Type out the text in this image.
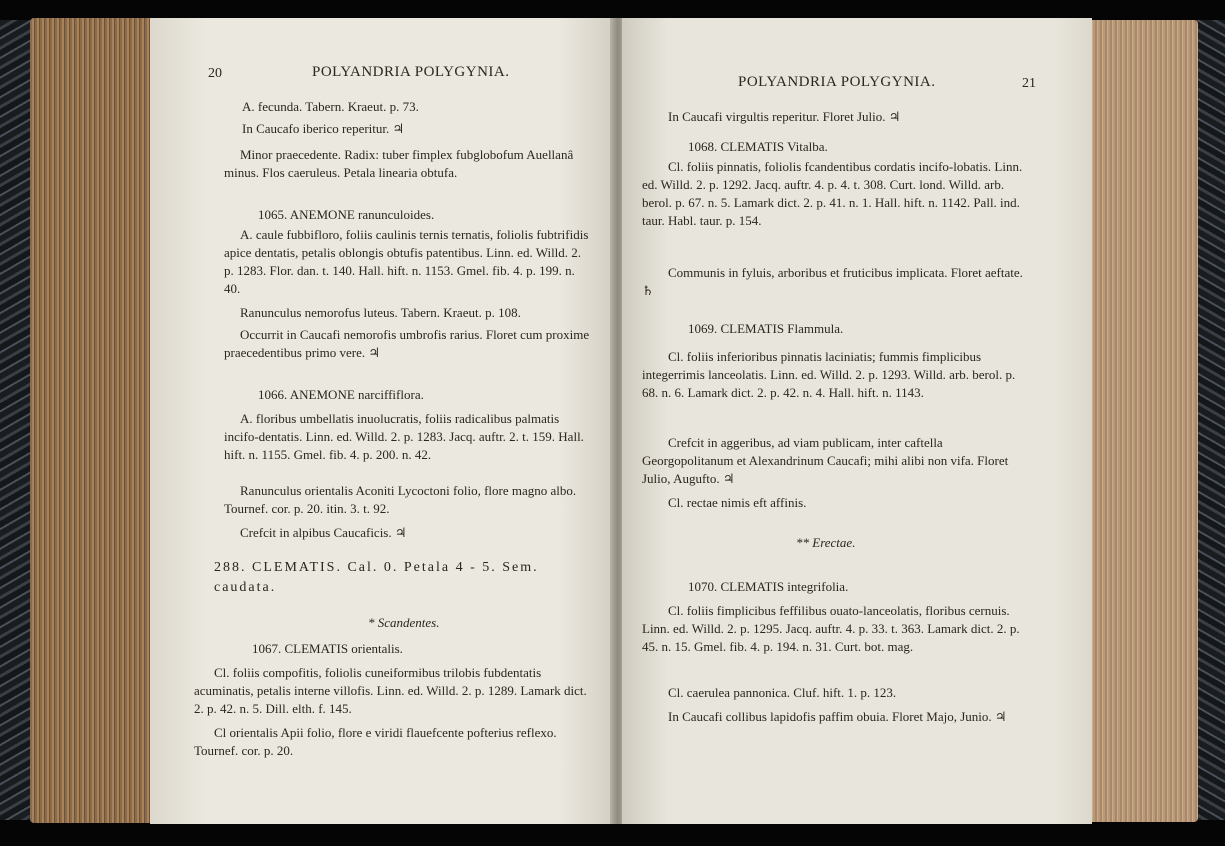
20	POLYANDRIA POLYGYNIA.
A. fecunda. Tabern. Kraeut. p. 73.
In Caucafo iberico reperitur. ♃
Minor praecedente. Radix: tuber fimplex fubglobofum Auellanâ minus. Flos caeruleus. Petala linearia obtufa.
1065. ANEMONE ranunculoides.
A. caule fubbifloro, foliis caulinis ternis ternatis, foliolis fubtrifidis apice dentatis, petalis oblongis obtufis patentibus. Linn. ed. Willd. 2. p. 1283. Flor. dan. t. 140. Hall. hift. n. 1153. Gmel. fib. 4. p. 199. n. 40.
Ranunculus nemorofus luteus. Tabern. Kraeut. p. 108.
Occurrit in Caucafi nemorofis umbrofis rarius. Floret cum proxime praecedentibus primo vere. ♃
1066. ANEMONE narciffiflora.
A. floribus umbellatis inuolucratis, foliis radicalibus palmatis incifo-dentatis. Linn. ed. Willd. 2. p. 1283. Jacq. auftr. 2. t. 159. Hall. hift. n. 1155. Gmel. fib. 4. p. 200. n. 42.
Ranunculus orientalis Aconiti Lycoctoni folio, flore magno albo. Tournef. cor. p. 20. itin. 3. t. 92.
Crefcit in alpibus Caucaficis. ♃
288. CLEMATIS. Cal. 0. Petala 4 - 5. Sem. caudata.
* Scandentes.
1067. CLEMATIS orientalis.
Cl. foliis compofitis, foliolis cuneiformibus trilobis fubdentatis acuminatis, petalis interne villofis. Linn. ed. Willd. 2. p. 1289. Lamark dict. 2. p. 42. n. 5. Dill. elth. f. 145.
Cl orientalis Apii folio, flore e viridi flauefcente pofterius reflexo. Tournef. cor. p. 20.
POLYANDRIA POLYGYNIA.	21
In Caucafi virgultis reperitur. Floret Julio. ♃
1068. CLEMATIS Vitalba.
Cl. foliis pinnatis, foliolis fcandentibus cordatis incifo-lobatis. Linn. ed. Willd. 2. p. 1292. Jacq. auftr. 4. p. 4. t. 308. Curt. lond. Willd. arb. berol. p. 67. n. 5. Lamark dict. 2. p. 41. n. 1. Hall. hift. n. 1142. Pall. ind. taur. Habl. taur. p. 154.
Communis in fyluis, arboribus et fruticibus implicata. Floret aeftate. ♄
1069. CLEMATIS Flammula.
Cl. foliis inferioribus pinnatis laciniatis; fummis fimplicibus integerrimis lanceolatis. Linn. ed. Willd. 2. p. 1293. Willd. arb. berol. p. 68. n. 6. Lamark dict. 2. p. 42. n. 4. Hall. hift. n. 1143.
Crefcit in aggeribus, ad viam publicam, inter caftella Georgopolitanum et Alexandrinum Caucafi; mihi alibi non vifa. Floret Julio, Augufto. ♃
Cl. rectae nimis eft affinis.
** Erectae.
1070. CLEMATIS integrifolia.
Cl. foliis fimplicibus feffilibus ouato-lanceolatis, floribus cernuis. Linn. ed. Willd. 2. p. 1295. Jacq. auftr. 4. p. 33. t. 363. Lamark dict. 2. p. 45. n. 15. Gmel. fib. 4. p. 194. n. 31. Curt. bot. mag.
Cl. caerulea pannonica. Cluf. hift. 1. p. 123.
In Caucafi collibus lapidofis paffim obuia. Floret Majo, Junio. ♃
